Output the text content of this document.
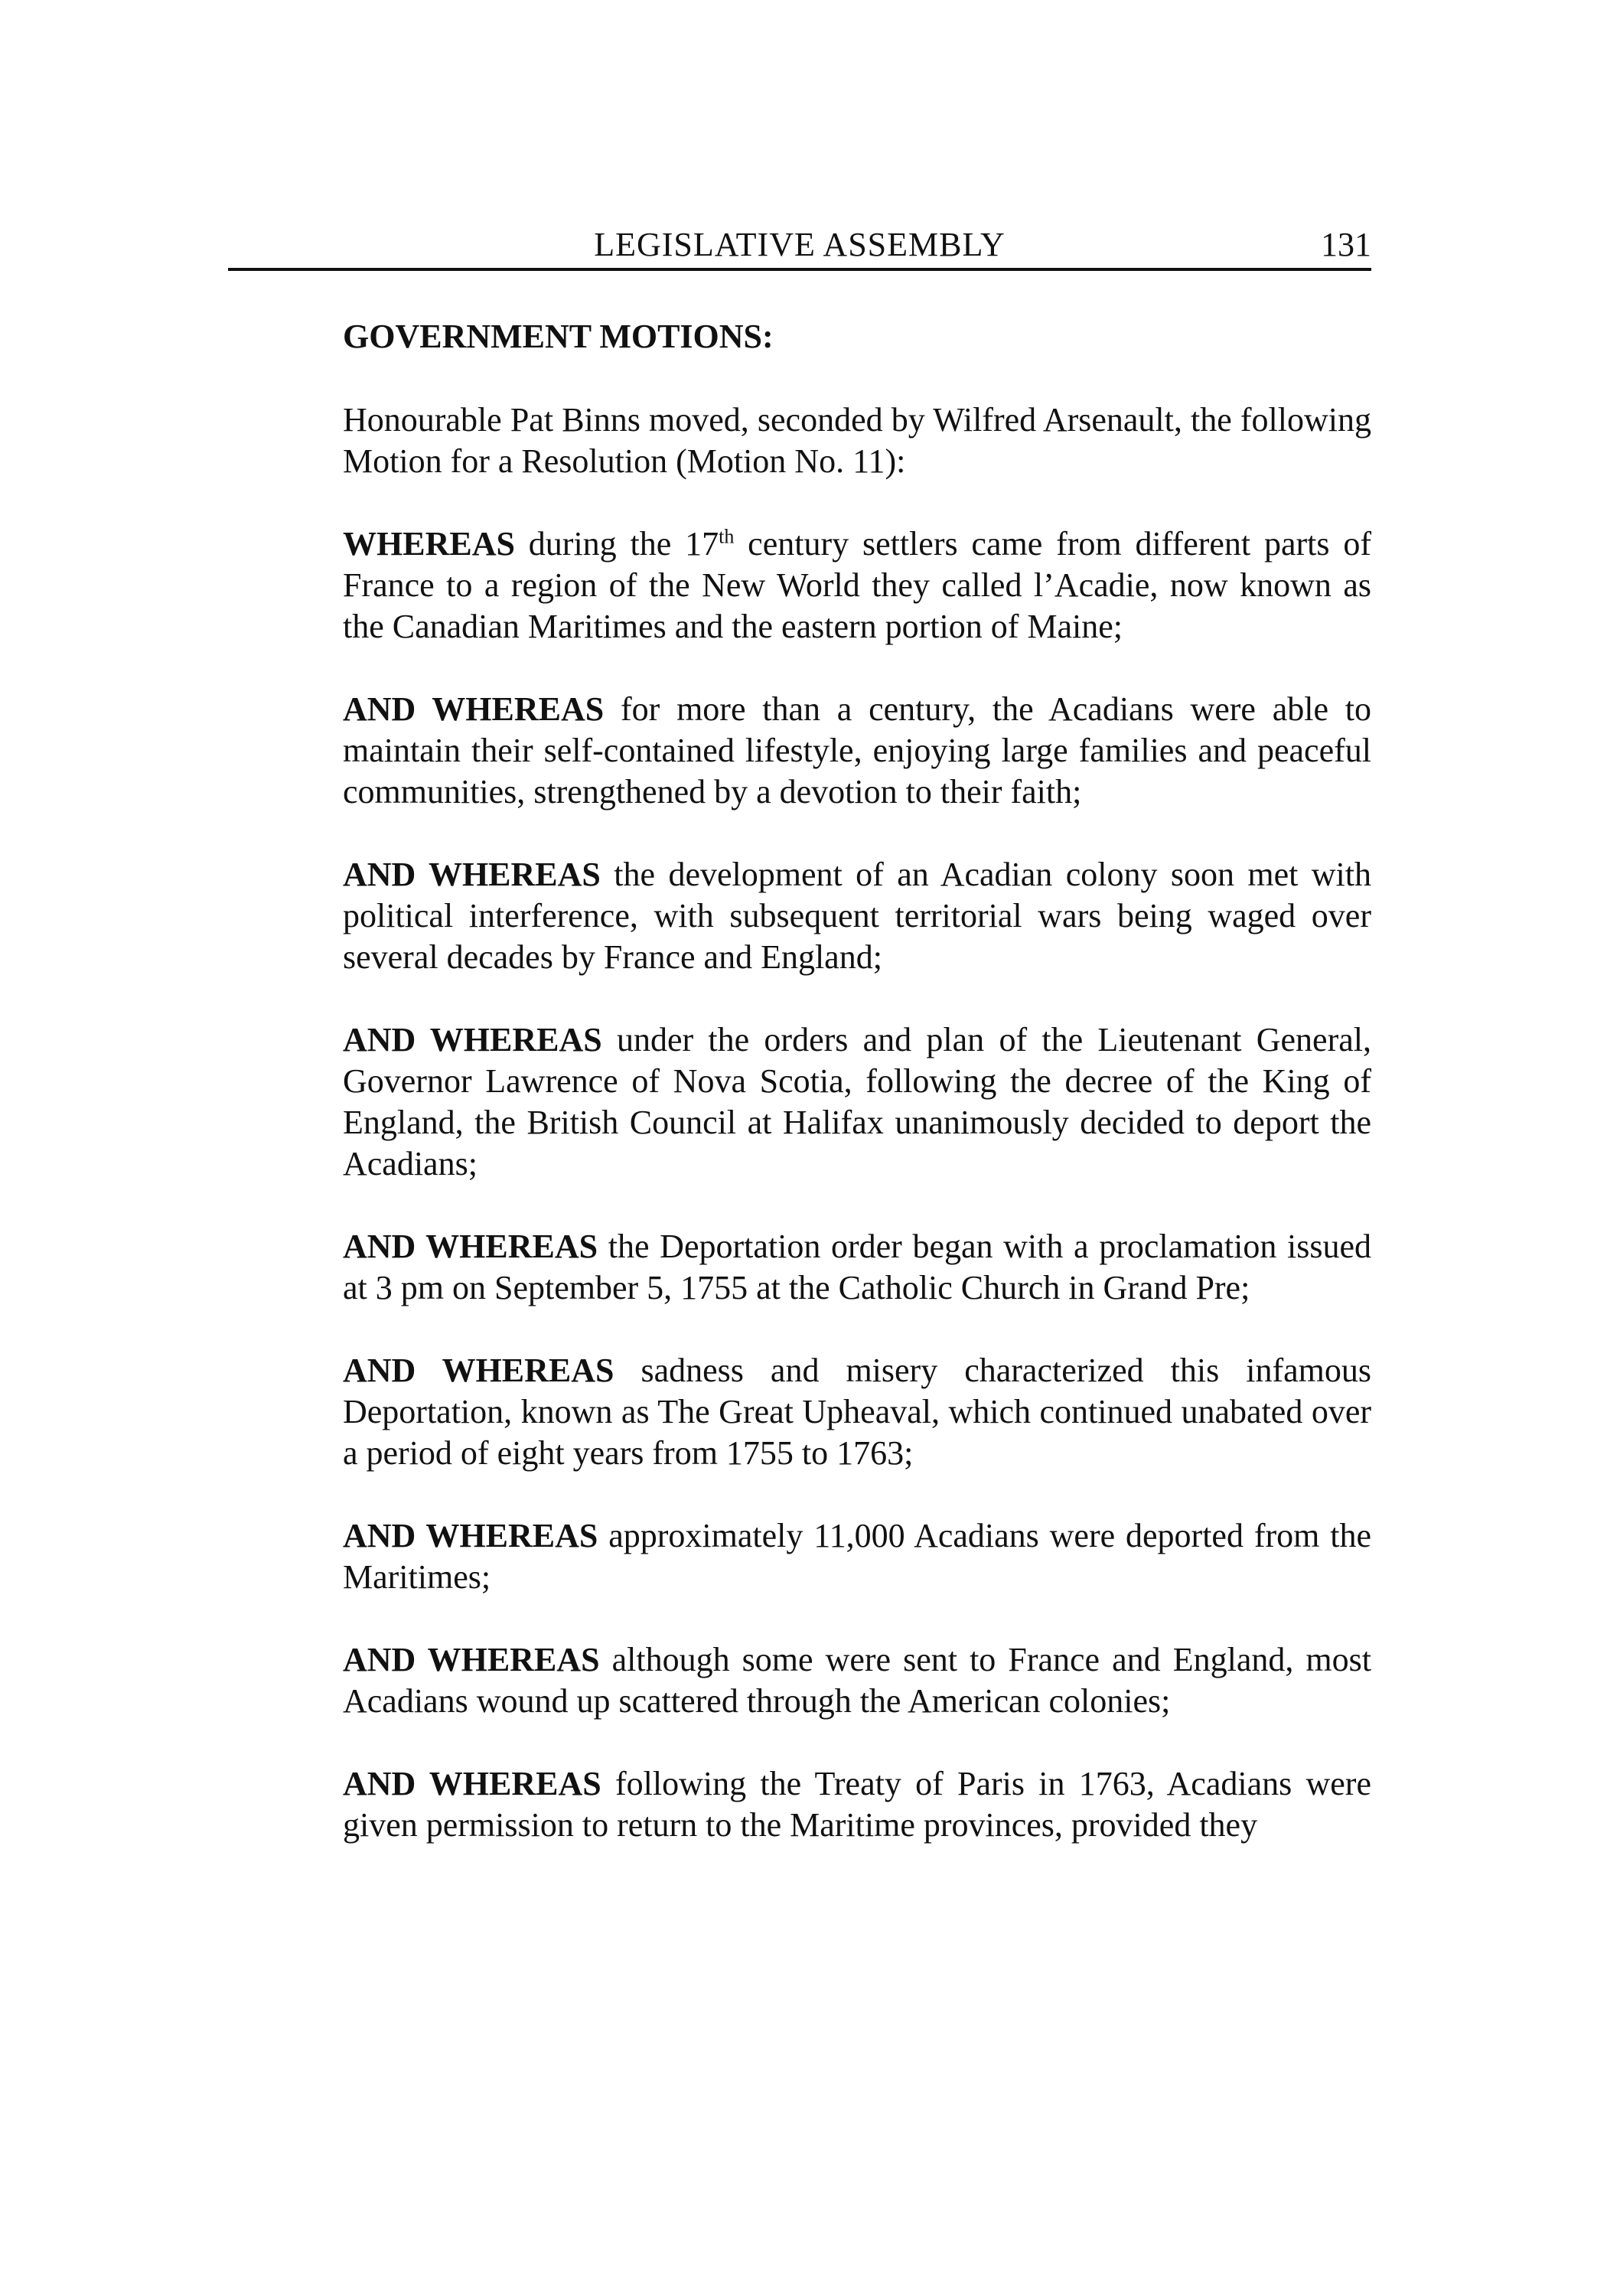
LEGISLATIVE ASSEMBLY	131
GOVERNMENT MOTIONS:

Honourable Pat Binns moved, seconded by Wilfred Arsenault, the following Motion for a Resolution (Motion No. 11):

WHEREAS during the 17th century settlers came from different parts of France to a region of the New World they called l’Acadie, now known as the Canadian Maritimes and the eastern portion of Maine;

AND WHEREAS for more than a century, the Acadians were able to maintain their self-contained lifestyle, enjoying large families and peaceful communities, strengthened by a devotion to their faith;

AND WHEREAS the development of an Acadian colony soon met with political interference, with subsequent territorial wars being waged over several decades by France and England;

AND WHEREAS under the orders and plan of the Lieutenant General, Governor Lawrence of Nova Scotia, following the decree of the King of England, the British Council at Halifax unanimously decided to deport the Acadians;

AND WHEREAS the Deportation order began with a proclamation issued at 3 pm on September 5, 1755 at the Catholic Church in Grand Pre;

AND WHEREAS sadness and misery characterized this infamous Deportation, known as The Great Upheaval, which continued unabated over a period of eight years from 1755 to 1763;

AND WHEREAS approximately 11,000 Acadians were deported from the Maritimes;

AND WHEREAS although some were sent to France and England, most Acadians wound up scattered through the American colonies;

AND WHEREAS following the Treaty of Paris in 1763, Acadians were given permission to return to the Maritime provinces, provided they
